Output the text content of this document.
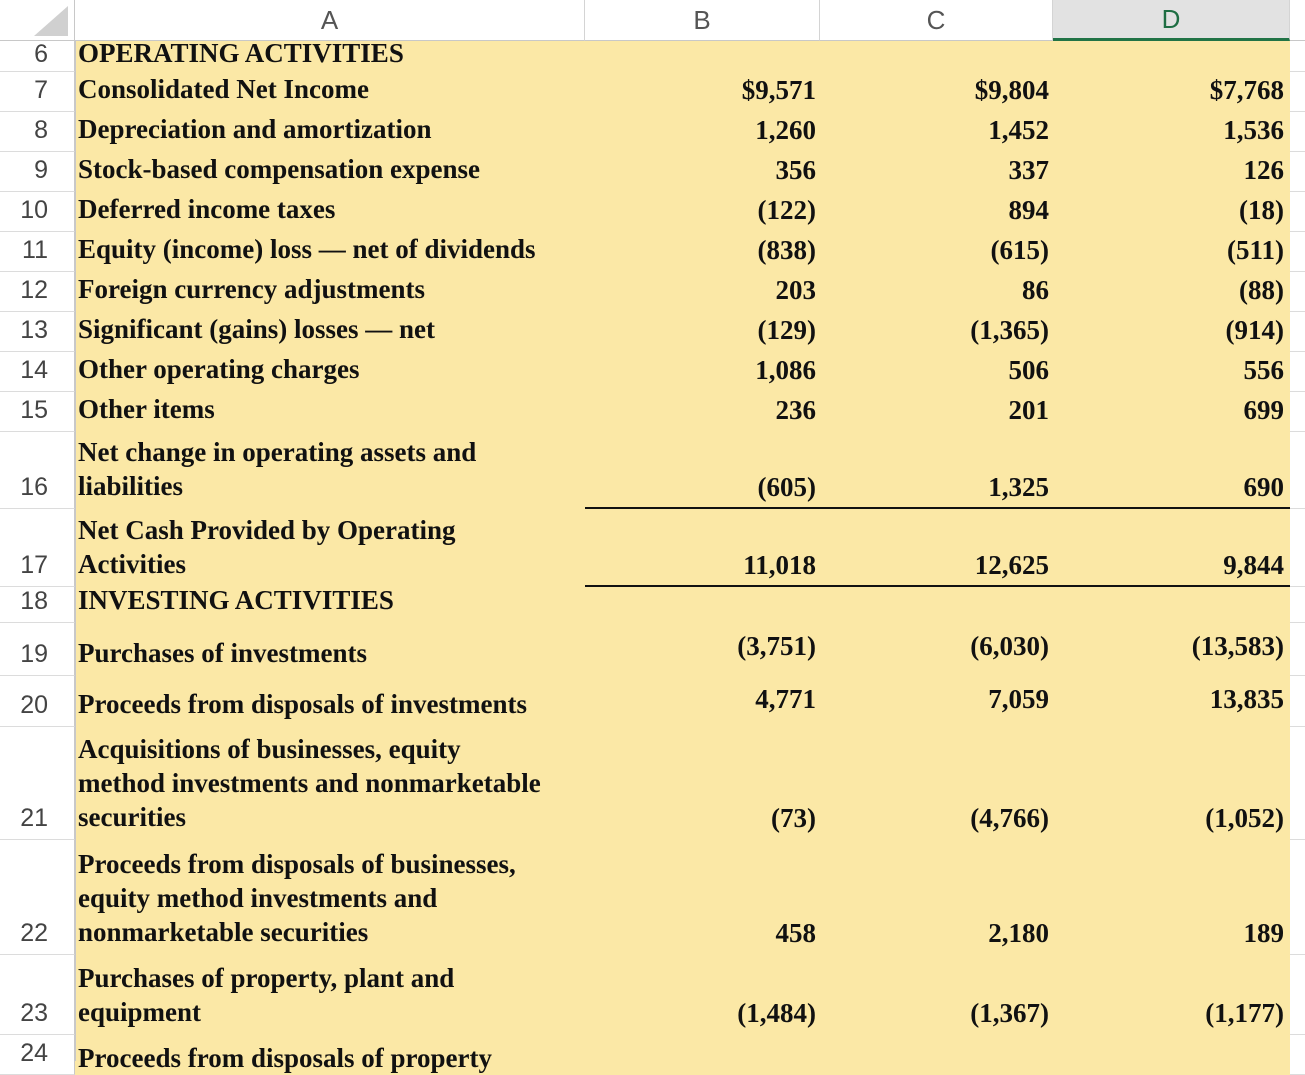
A	B	C	D
6 OPERATING ACTIVITIES
7 Consolidated Net Income	$9,571	$9,804	$7,768
8 Depreciation and amortization	1,260	1,452	1,536
9 Stock-based compensation expense	356	337	126
10 Deferred income taxes	(122)	894	(18)
11 Equity (income) loss — net of dividends	(838)	(615)	(511)
12 Foreign currency adjustments	203	86	(88)
13 Significant (gains) losses — net	(129)	(1,365)	(914)
14 Other operating charges	1,086	506	556
15 Other items	236	201	699
16
Net change in operating assets and
liabilities	(605)	1,325	690
17
Net Cash Provided by Operating
Activities	11,018	12,625	9,844
18 INVESTING ACTIVITIES
19 Purchases of investments	(3,751)	(6,030)	(13,583)
20 Proceeds from disposals of investments	4,771	7,059	13,835
21
Acquisitions of businesses, equity
method investments and nonmarketable
securities	(73)	(4,766)	(1,052)
22
Proceeds from disposals of businesses,
equity method investments and
nonmarketable securities	458	2,180	189
23
Purchases of property, plant and
equipment	(1,484)	(1,367)	(1,177)
24 Proceeds from disposals of property
